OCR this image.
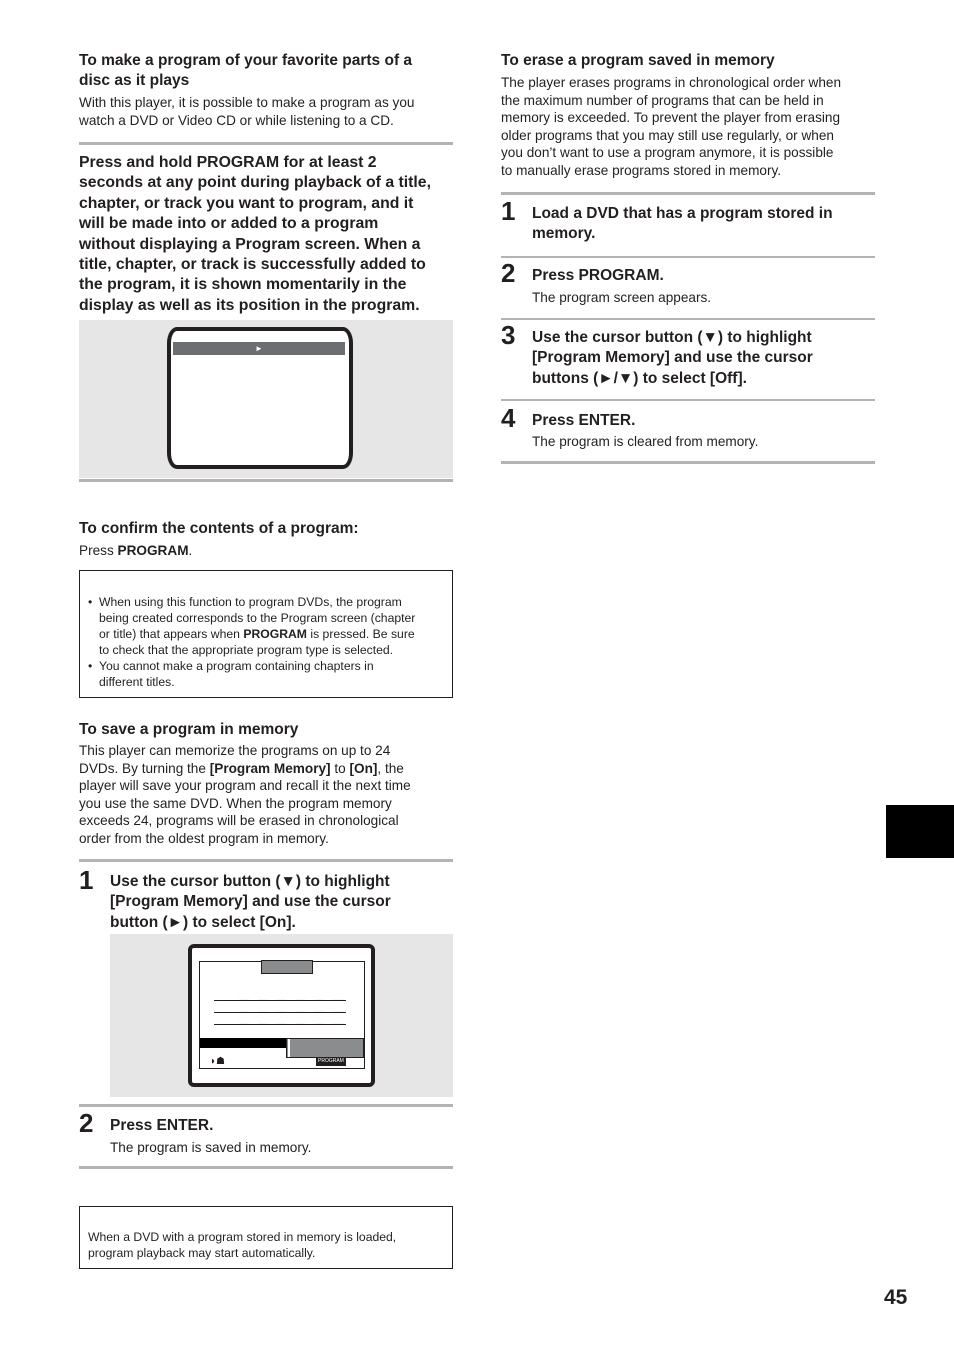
To make a program of your favorite parts of a
disc as it plays
With this player, it is possible to make a program as you
watch a DVD or Video CD or while listening to a CD.
Press and hold PROGRAM for at least 2
seconds at any point during playback of a title,
chapter, or track you want to program, and it
will be made into or added to a program
without displaying a Program screen. When a
title, chapter, or track is successfully added to
the program, it is shown momentarily in the
display as well as its position in the program.
►
To confirm the contents of a program:
Press PROGRAM.
• When using this function to program DVDs, the program
being created corresponds to the Program screen (chapter
or title) that appears when PROGRAM is pressed. Be sure
to check that the appropriate program type is selected.
• You cannot make a program containing chapters in
different titles.
To save a program in memory
This player can memorize the programs on up to 24
DVDs. By turning the [Program Memory] to [On], the
player will save your program and recall it the next time
you use the same DVD. When the program memory
exceeds 24, programs will be erased in chronological
order from the oldest program in memory.
1 Use the cursor button (▼) to highlight
[Program Memory] and use the cursor
button (►) to select [On].
— — — — — —
— — — — — —
— — — — — —
◗☗	PROGRAM
2 Press ENTER.
The program is saved in memory.
When a DVD with a program stored in memory is loaded,
program playback may start automatically.
To erase a program saved in memory
The player erases programs in chronological order when
the maximum number of programs that can be held in
memory is exceeded. To prevent the player from erasing
older programs that you may still use regularly, or when
you don’t want to use a program anymore, it is possible
to manually erase programs stored in memory.
1 Load a DVD that has a program stored in
memory.
2 Press PROGRAM.
The program screen appears.
3 Use the cursor button (▼) to highlight
[Program Memory] and use the cursor
buttons (►/▼) to select [Off].
4 Press ENTER.
The program is cleared from memory.
45
